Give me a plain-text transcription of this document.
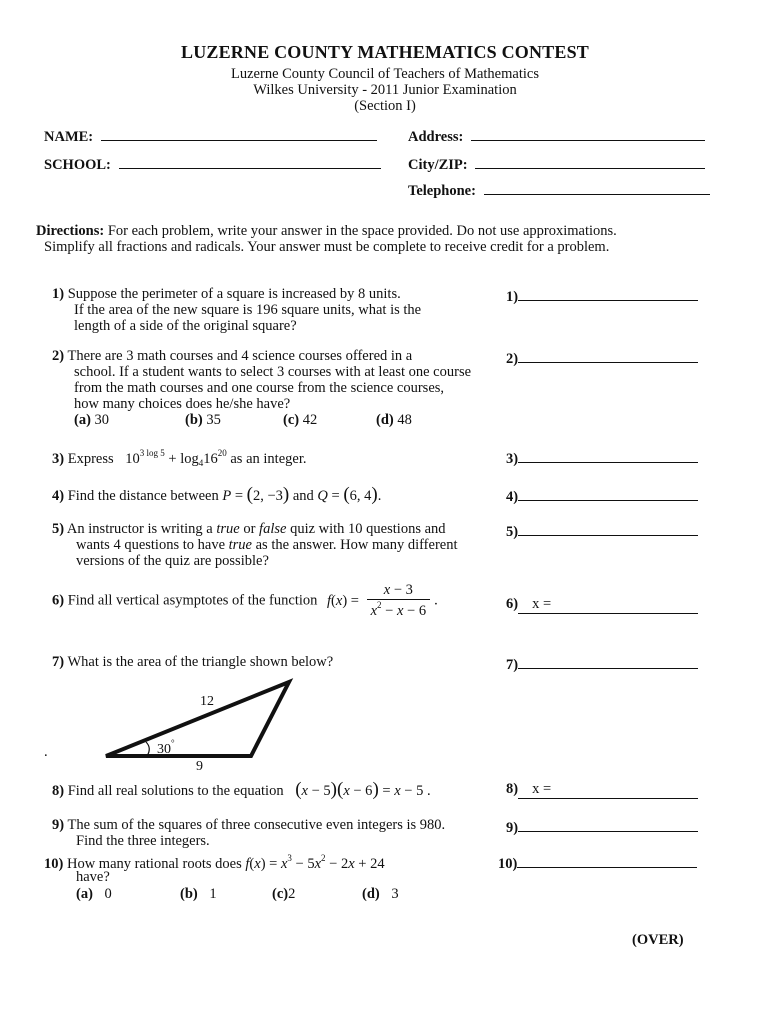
LUZERNE COUNTY MATHEMATICS CONTEST
Luzerne County Council of Teachers of Mathematics
Wilkes University - 2011 Junior Examination
(Section I)
NAME:
SCHOOL:
Address:
City/ZIP:
Telephone:
Directions: For each problem, write your answer in the space provided. Do not use approximations.
Simplify all fractions and radicals. Your answer must be complete to receive credit for a problem.
1) Suppose the perimeter of a square is increased by 8 units.
If the area of the new square is 196 square units, what is the
length of a side of the original square?
1)
2) There are 3 math courses and 4 science courses offered in a
school. If a student wants to select 3 courses with at least one course
from the math courses and one course from the science courses,
how many choices does he/she have?
(a) 30	(b) 35	(c) 42	(d) 48
2)
3) Express $10^{3 log 5} + \log_416^{20}$ as an integer.	3)
4) Find the distance between P = (2, −3) and Q = (6, 4).	4)
5) An instructor is writing a true or false quiz with 10 questions and
wants 4 questions to have true as the answer. How many different
versions of the quiz are possible?
5)
6) Find all vertical asymptotes of the function $f(x) = \frac{x - 3}{x^2 - x - 6}$ .	6) x =
7) What is the area of the triangle shown below?	7)
12
30°
9
.
8) Find all real solutions to the equation (x − 5)(x − 6) = x − 5 .	8) x =
9) The sum of the squares of three consecutive even integers is 980.
Find the three integers.
9)
10) How many rational roots does $f(x) = x^3 - 5x^2 - 2x + 24$
have?
(a) 0	(b) 1	(c)2	(d) 3
10)
(OVER)
